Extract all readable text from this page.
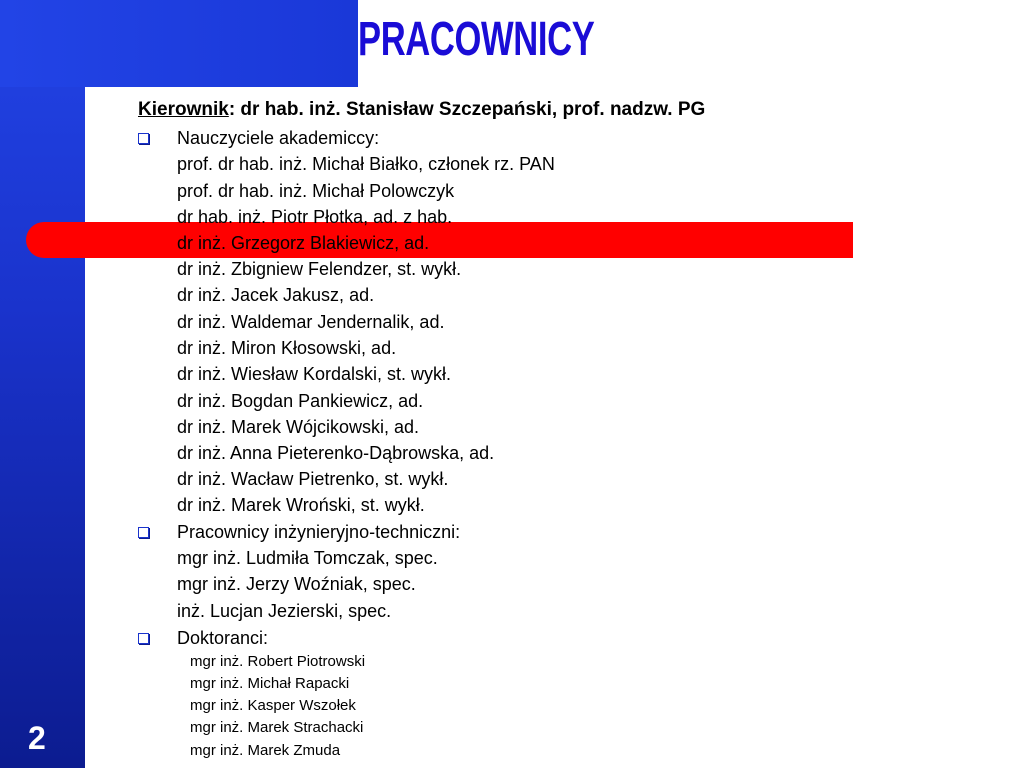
PRACOWNICY
Kierownik: dr hab. inż. Stanisław Szczepański, prof. nadzw. PG
Nauczyciele akademiccy:
prof. dr hab. inż. Michał Białko, członek rz. PAN
prof. dr hab. inż. Michał Polowczyk
dr hab. inż. Piotr Płotka, ad. z hab.
dr inż. Grzegorz Blakiewicz, ad.
dr inż. Zbigniew Felendzer, st. wykł.
dr inż. Jacek Jakusz, ad.
dr inż. Waldemar Jendernalik, ad.
dr inż. Miron Kłosowski, ad.
dr inż. Wiesław Kordalski, st. wykł.
dr inż. Bogdan Pankiewicz, ad.
dr inż. Marek Wójcikowski, ad.
dr inż. Anna Pieterenko-Dąbrowska, ad.
dr inż. Wacław Pietrenko, st. wykł.
dr inż. Marek Wroński, st. wykł.
Pracownicy inżynieryjno-techniczni:
mgr inż. Ludmiła Tomczak, spec.
mgr inż. Jerzy Woźniak, spec.
inż. Lucjan Jezierski, spec.
Doktoranci:
mgr inż. Robert Piotrowski
mgr inż. Michał Rapacki
mgr inż. Kasper Wszołek
mgr inż. Marek Strachacki
mgr inż. Marek Zmuda
2
